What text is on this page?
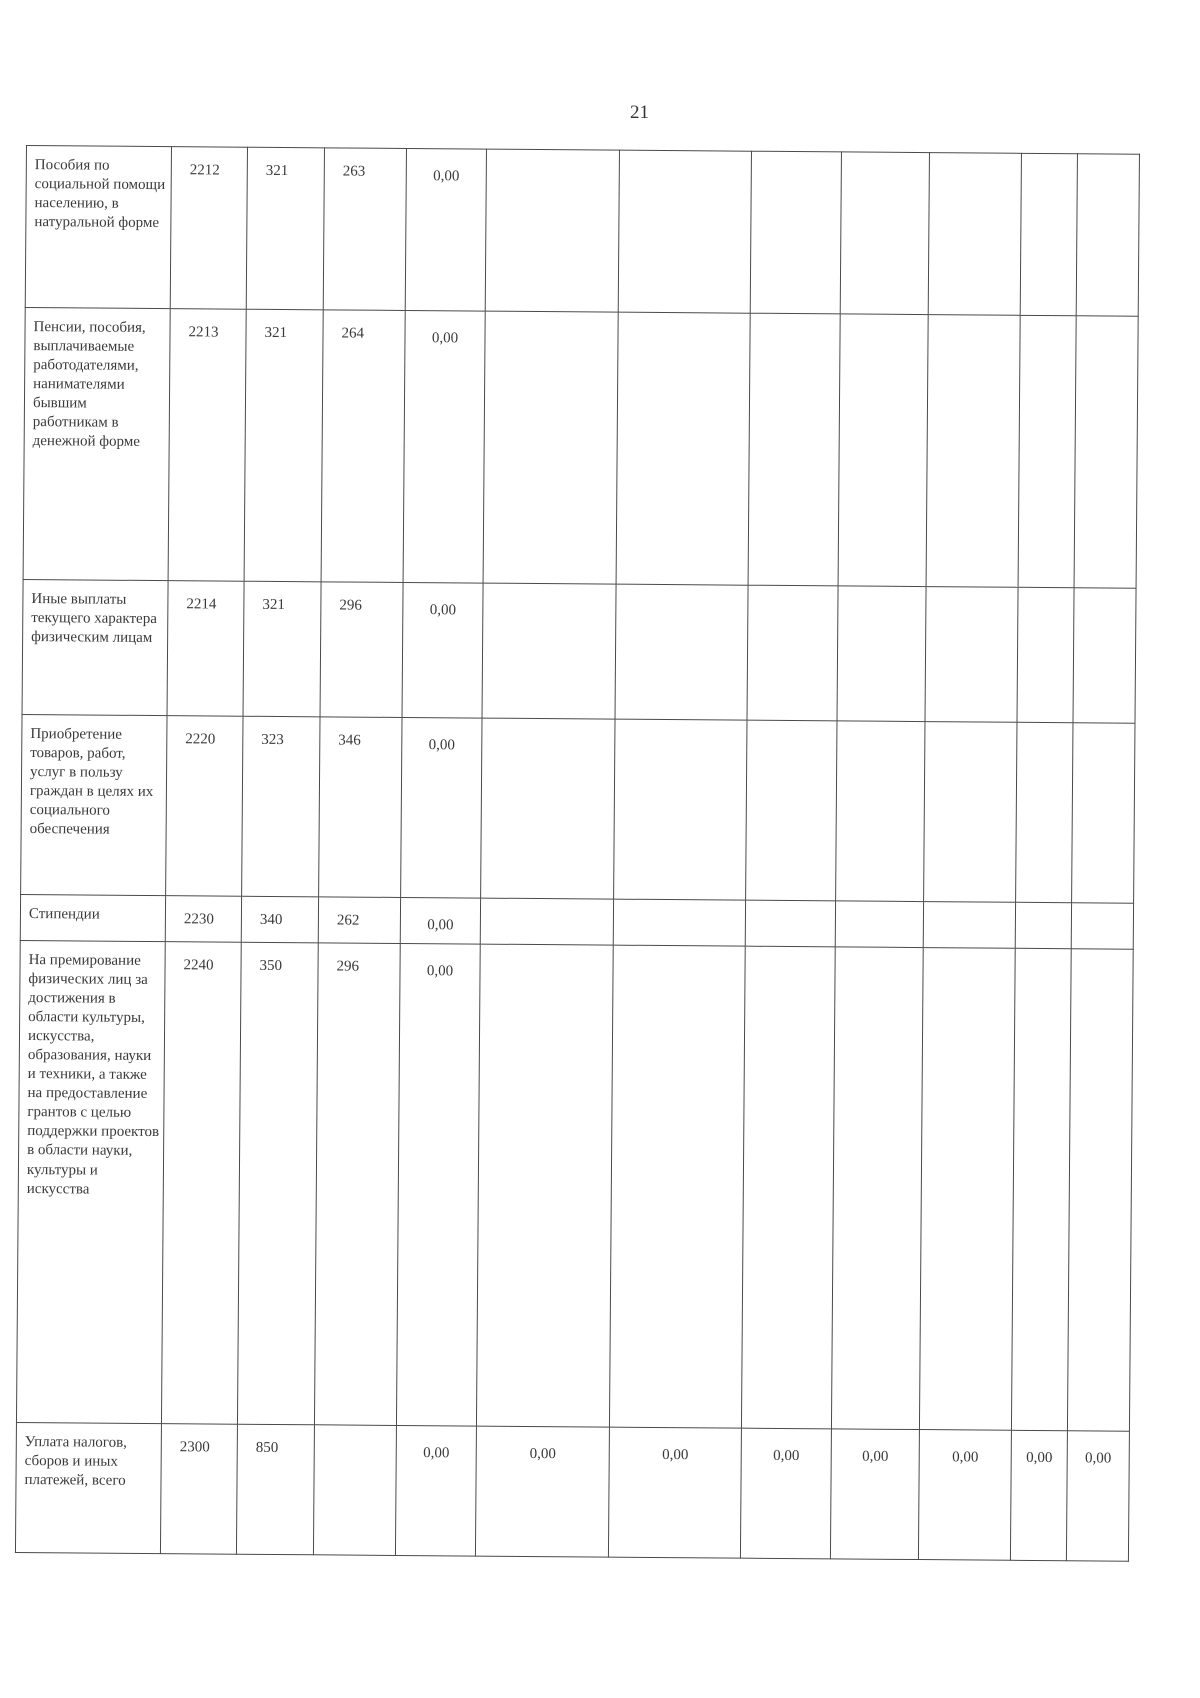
21
Пособия по социальной помощи населению, в натуральной форме	2212	321	263	0,00							
Пенсии, пособия, выплачиваемые работодателями, нанимателями бывшим работникам в денежной форме	2213	321	264	0,00							
Иные выплаты текущего характера физическим лицам	2214	321	296	0,00							
Приобретение товаров, работ, услуг в пользу граждан в целях их социального обеспечения	2220	323	346	0,00							
Стипендии	2230	340	262	0,00							
На премирование физических лиц за достижения в области культуры, искусства, образования, науки и техники, а также на предоставление грантов с целью поддержки проектов в области науки, культуры и искусства	2240	350	296	0,00							
Уплата налогов, сборов и иных платежей, всего	2300	850		0,00	0,00	0,00	0,00	0,00	0,00	0,00	0,00
